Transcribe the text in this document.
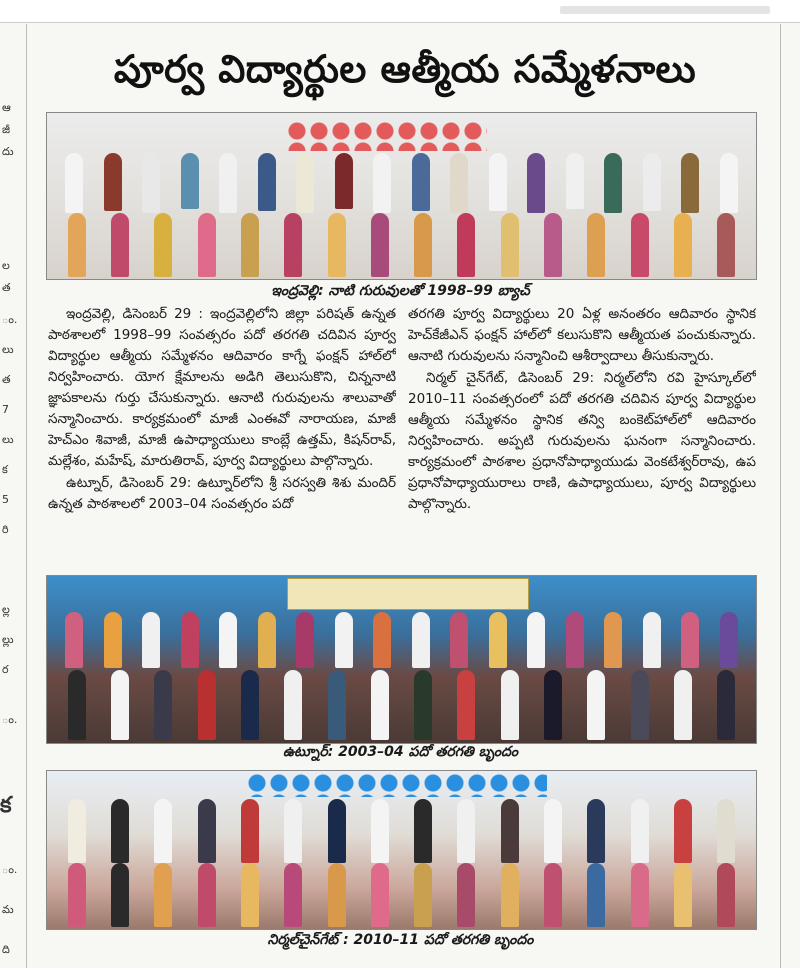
ఆ
జీ
దు
ల
త
ం.
లు
త
7
లు
క
5
రి
ల్ల
ల్లు
ర
ం.
క
ం.
మ
ది
పూర్వ విద్యార్థుల ఆత్మీయ సమ్మేళనాలు
ఇంద్రవెల్లి: నాటి గురువులతో 1998–99 బ్యాచ్

ఇంద్రవెల్లి, డిసెంబర్ 29 : ఇంద్రవెల్లిలోని జిల్లా పరిషత్ ఉన్నత పాఠశాలలో 1998–99 సంవత్సరం పదో తరగతి చదివిన పూర్వ విద్యార్థుల ఆత్మీయ సమ్మేళనం ఆదివారం కాగ్నే ఫంక్షన్ హాల్‌లో నిర్వహించారు. యోగ క్షేమాలను అడిగి తెలుసుకొని, చిన్ననాటి జ్ఞాపకాలను గుర్తు చేసుకున్నారు. ఆనాటి గురువులను శాలువాతో సన్మానించారు. కార్యక్రమంలో మాజీ ఎంఈవో నారాయణ, మాజీ హెచ్ఎం శివాజీ, మాజీ ఉపాధ్యాయులు కాంబ్లే ఉత్తమ్, కిషన్‌రావ్, మల్లేశం, మహేష్, మారుతిరావ్, పూర్వ విద్యార్థులు పాల్గొన్నారు.

ఉట్నూర్, డిసెంబర్ 29: ఉట్నూర్‌లోని శ్రీ సరస్వతి శిశు మందిర్ ఉన్నత పాఠశాలలో 2003–04 సంవత్సరం పదో

తరగతి పూర్వ విద్యార్థులు 20 ఏళ్ల అనంతరం ఆదివారం స్థానిక హెచ్‌కేజీఎన్ ఫంక్షన్ హాల్‌లో కలుసుకొని ఆత్మీయత పంచుకున్నారు. ఆనాటి గురువులను సన్మానించి ఆశీర్వాదాలు తీసుకున్నారు.

నిర్మల్ చైన్‌గేట్, డిసెంబర్ 29: నిర్మల్‌లోని రవి హైస్కూల్‌లో 2010–11 సంవత్సరంలో పదో తరగతి చదివిన పూర్వ విద్యార్థుల ఆత్మీయ సమ్మేళనం స్థానిక తన్వి బంకెట్‌హాల్‌లో ఆదివారం నిర్వహించారు. అప్పటి గురువులను ఘనంగా సన్మానించారు. కార్యక్రమంలో పాఠశాల ప్రధానోపాధ్యాయుడు వెంకటేశ్వర్‌రావు, ఉప ప్రధానోపాధ్యాయురాలు రాణి, ఉపాధ్యాయులు, పూర్వ విద్యార్థులు పాల్గొన్నారు.

ఉట్నూర్: 2003–04 పదో తరగతి బృందం
నిర్మల్‌చైన్‌గేట్ : 2010–11 పదో తరగతి బృందం
